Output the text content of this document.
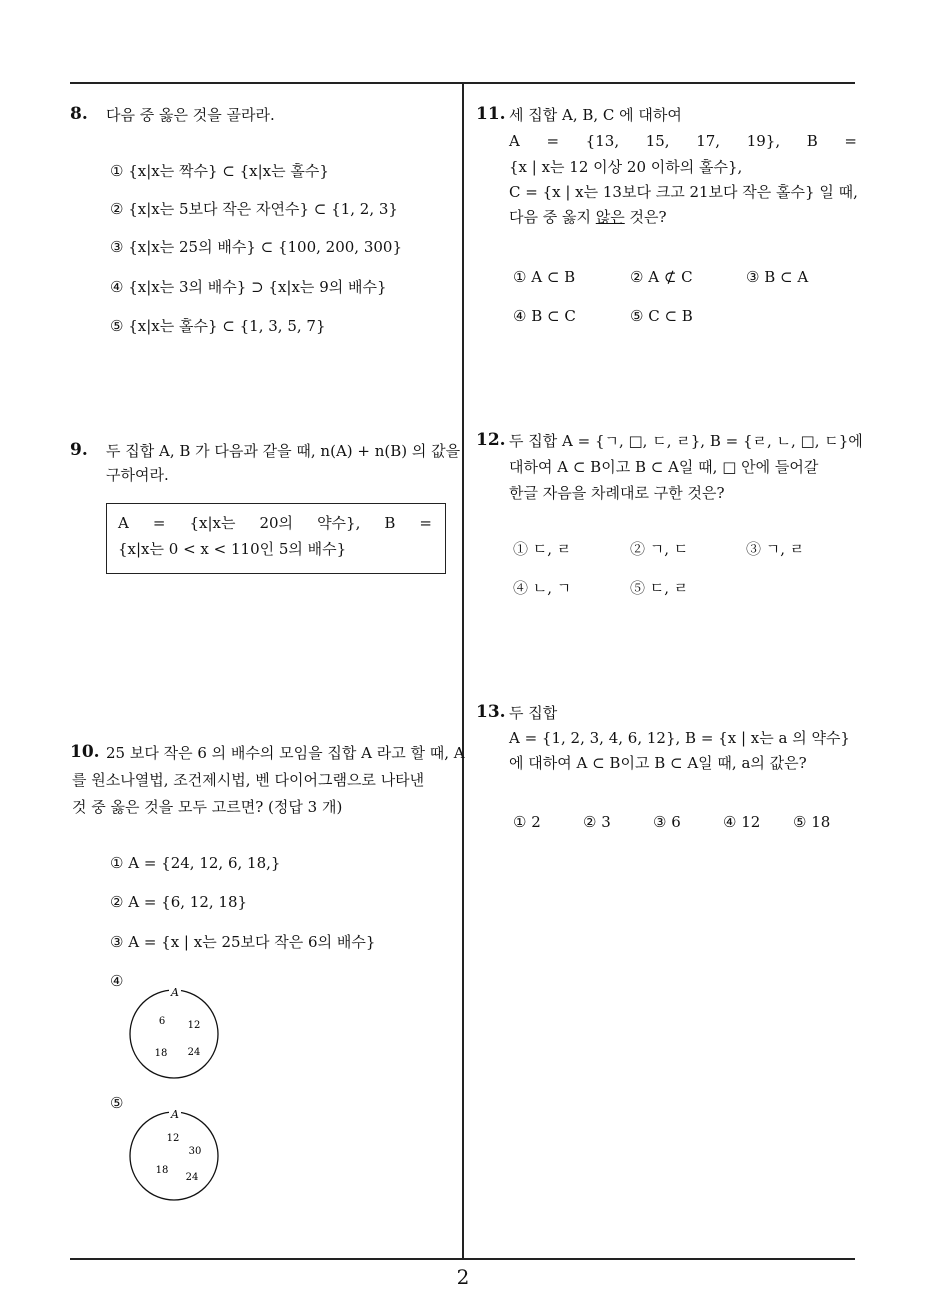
8. 다음 중 옳은 것을 골라라.
① {x|x는 짝수} ⊂ {x|x는 홀수}
② {x|x는 5보다 작은 자연수} ⊂ {1, 2, 3}
③ {x|x는 25의 배수} ⊂ {100, 200, 300}
④ {x|x는 3의 배수} ⊃ {x|x는 9의 배수}
⑤ {x|x는 홀수} ⊂ {1, 3, 5, 7}
9. 두 집합 A, B 가 다음과 같을 때, n(A) + n(B) 의 값을
구하여라.
A = {x|x는 20의 약수}, B =
{x|x는 0 < x < 110인 5의 배수}
10. 25 보다 작은 6 의 배수의 모임을 집합 A 라고 할 때, A
를 원소나열법, 조건제시법, 벤 다이어그램으로 나타낸
것 중 옳은 것을 모두 고르면? (정답 3 개)
① A = {24, 12, 6, 18,}
② A = {6, 12, 18}
③ A = {x | x는 25보다 작은 6의 배수}
④
A
6 12
18 24
⑤
A
12
30
18
24
11. 세 집합 A, B, C 에 대하여
A = {13, 15, 17, 19}, B =
{x | x는 12 이상 20 이하의 홀수},
C = {x | x는 13보다 크고 21보다 작은 홀수} 일 때,
다음 중 옳지 않은 것은?
① A ⊂ B	② A ⊄ C	③ B ⊂ A
④ B ⊂ C	⑤ C ⊂ B
12. 두 집합 A = {ㄱ, □, ㄷ, ㄹ}, B = {ㄹ, ㄴ, □, ㄷ}에
대하여 A ⊂ B이고 B ⊂ A일 때, □ 안에 들어갈
한글 자음을 차례대로 구한 것은?
① ㄷ, ㄹ	② ㄱ, ㄷ	③ ㄱ, ㄹ
④ ㄴ, ㄱ	⑤ ㄷ, ㄹ
13. 두 집합
A = {1, 2, 3, 4, 6, 12}, B = {x | x는 a 의 약수}
에 대하여 A ⊂ B이고 B ⊂ A일 때, a의 값은?
① 2	② 3	③ 6	④ 12 ⑤ 18
2
